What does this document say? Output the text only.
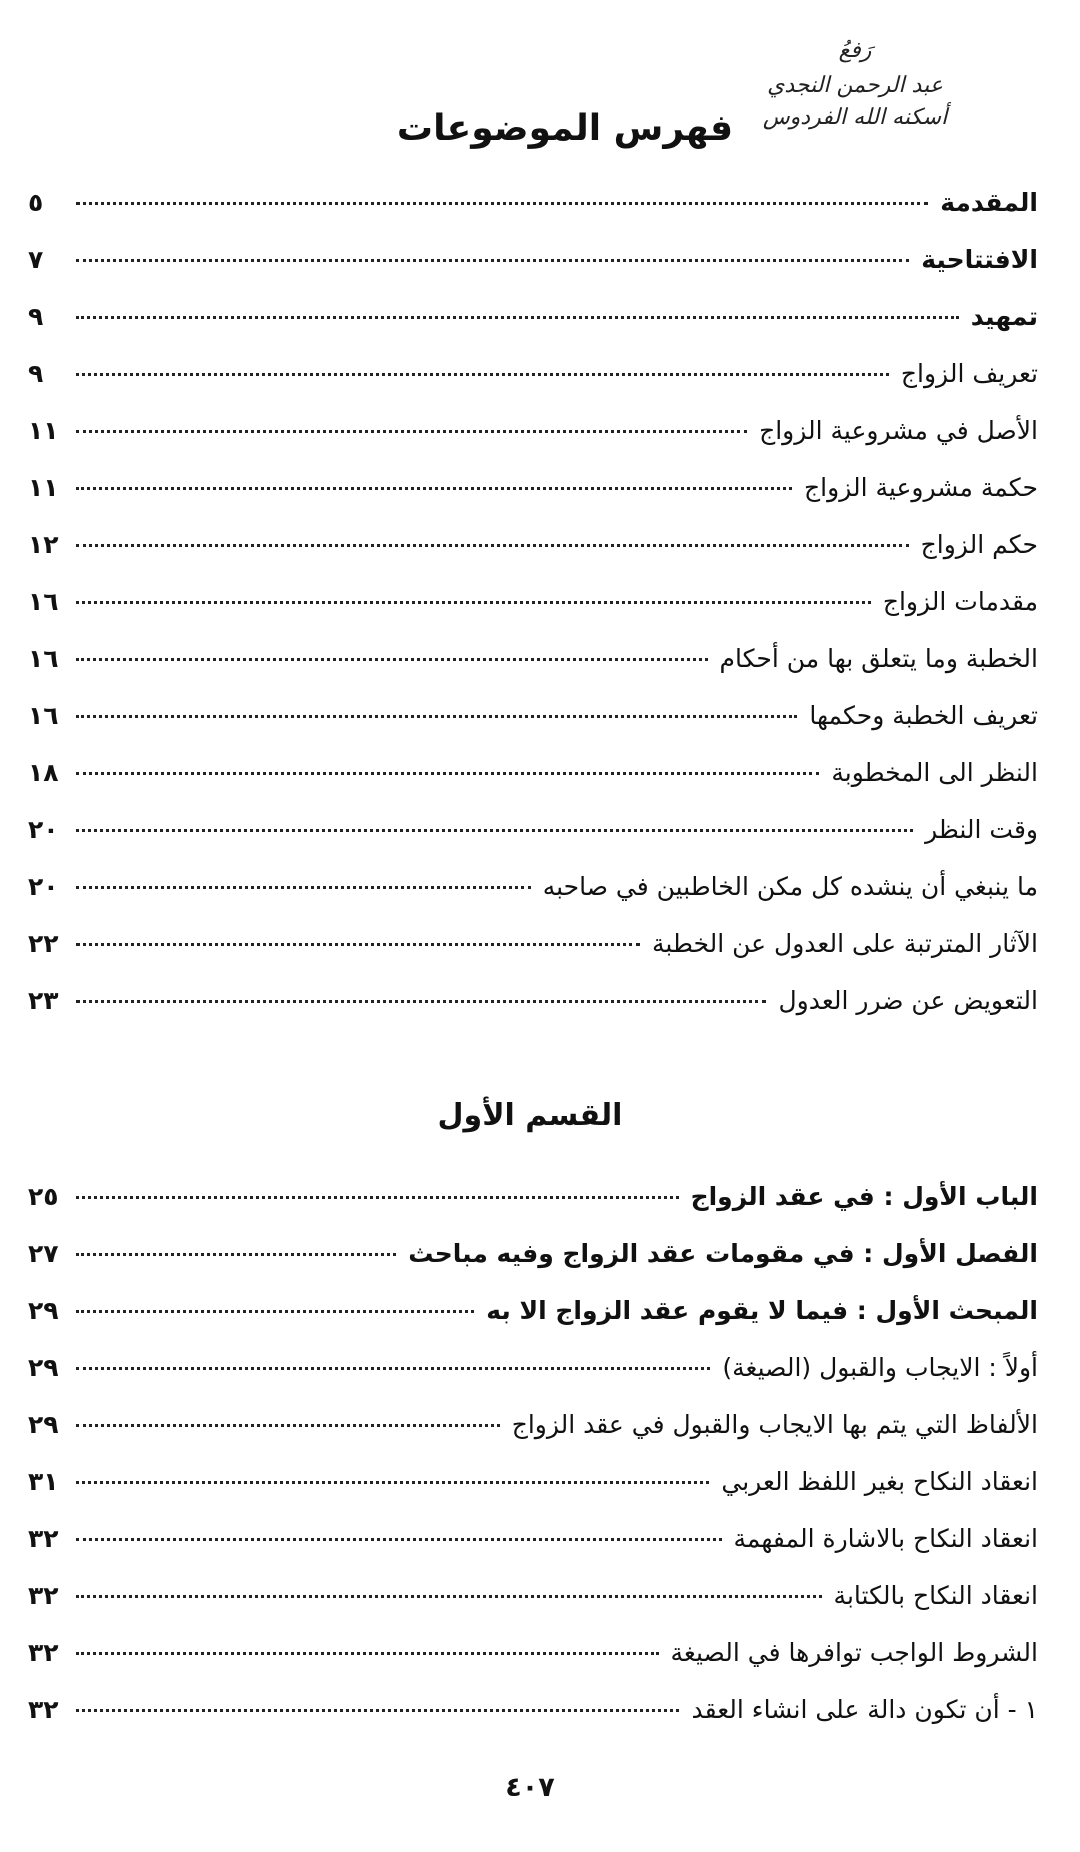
رَفعُ
عبد الرحمن النجدي
أسكنه الله الفردوس
فهرس الموضوعات
المقدمة
٥
الافتتاحية
٧
تمهيد
٩
تعريف الزواج
٩
الأصل في مشروعية الزواج
١١
حكمة مشروعية الزواج
١١
حكم الزواج
١٢
مقدمات الزواج
١٦
الخطبة وما يتعلق بها من أحكام
١٦
تعريف الخطبة وحكمها
١٦
النظر الى المخطوبة
١٨
وقت النظر
٢٠
ما ينبغي أن ينشده كل مكن الخاطبين في صاحبه
٢٠
الآثار المترتبة على العدول عن الخطبة
٢٢
التعويض عن ضرر العدول
٢٣
القسم الأول
الباب الأول : في عقد الزواج
٢٥
الفصل الأول : في مقومات عقد الزواج وفيه مباحث
٢٧
المبحث الأول : فيما لا يقوم عقد الزواج الا به
٢٩
أولاً : الايجاب والقبول (الصيغة)
٢٩
الألفاظ التي يتم بها الايجاب والقبول في عقد الزواج
٢٩
انعقاد النكاح بغير اللفظ العربي
٣١
انعقاد النكاح بالاشارة المفهمة
٣٢
انعقاد النكاح بالكتابة
٣٢
الشروط الواجب توافرها في الصيغة
٣٢
١ - أن تكون دالة على انشاء العقد
٣٢
٤٠٧
